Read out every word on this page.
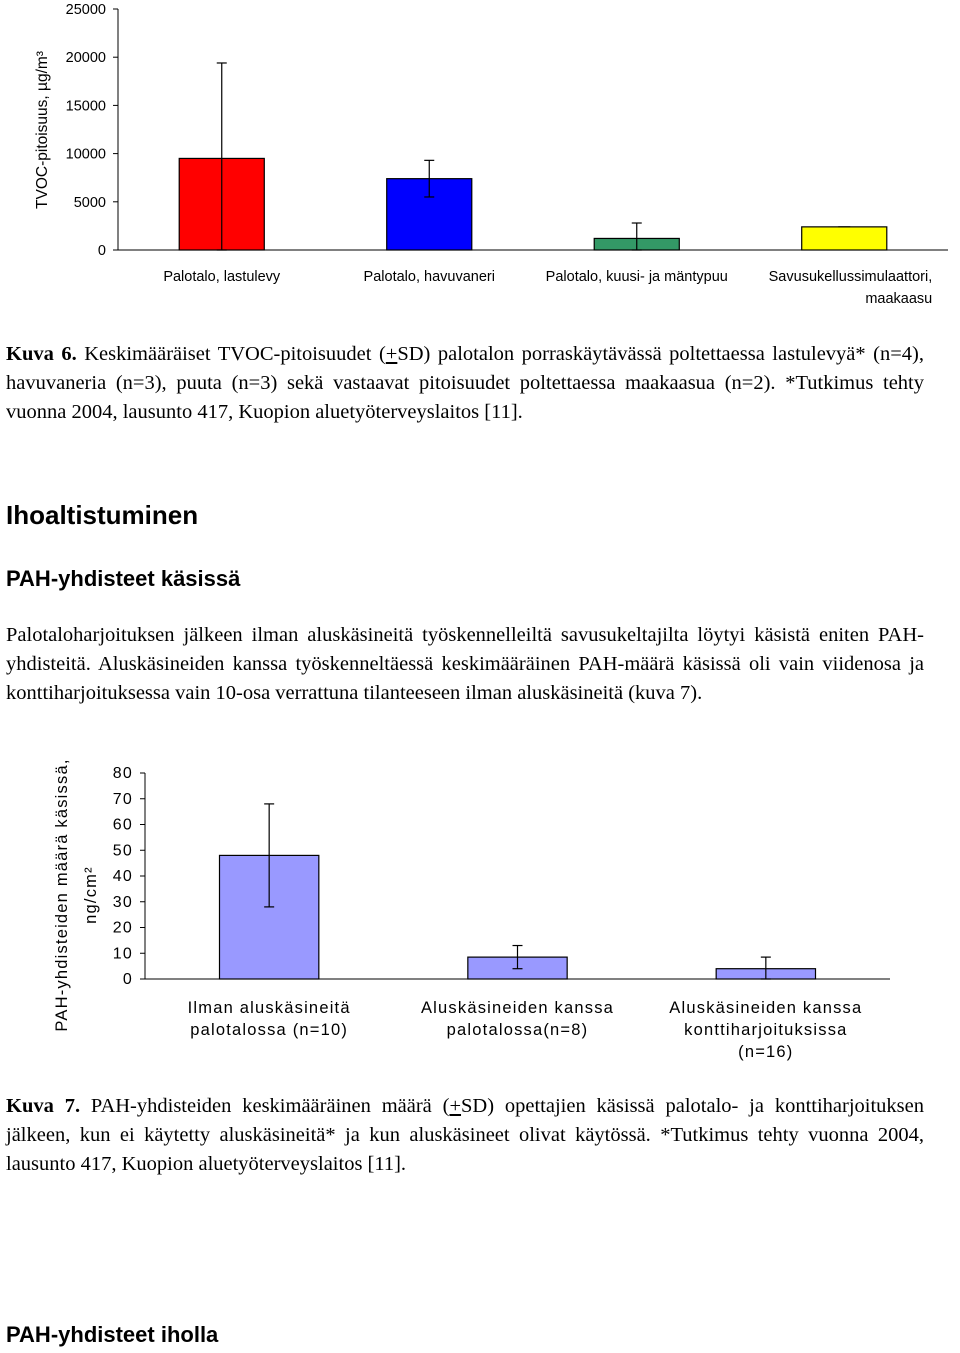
25000
20000
15000
10000
5000
0
TVOC-pitoisuus, µg/m³
Palotalo, lastulevy	Palotalo, havuvaneri	Palotalo, kuusi- ja mäntypuu	Savusukellussimulaattori,
maakaasu
Kuva 6. Keskimääräiset TVOC-pitoisuudet (+SD) palotalon porraskäytävässä poltettaessa lastulevyä* (n=4), havuvaneria (n=3), puuta (n=3) sekä vastaavat pitoisuudet poltettaessa maakaasua (n=2). *Tutkimus tehty vuonna 2004, lausunto 417, Kuopion aluetyöterveyslaitos [11].
Ihoaltistuminen
PAH-yhdisteet käsissä
Palotaloharjoituksen jälkeen ilman aluskäsineitä työskennelleiltä savusukeltajilta löytyi käsistä eniten PAH- yhdisteitä. Aluskäsineiden kanssa työskenneltäessä keskimääräinen PAH-määrä käsissä oli vain viidenosa ja konttiharjoituksessa vain 10-osa verrattuna tilanteeseen ilman aluskäsineitä (kuva 7).
80
70
60
50
40
30
20
10
0
PAH-yhdisteiden määrä käsissä, ng/cm²
Ilman aluskäsineitä
palotalossa (n=10)
Aluskäsineiden kanssa
palotalossa(n=8)
Aluskäsineiden kanssa
konttiharjoituksissa
(n=16)
Kuva 7. PAH-yhdisteiden keskimääräinen määrä (+SD) opettajien käsissä palotalo- ja konttiharjoituksen jälkeen, kun ei käytetty aluskäsineitä* ja kun aluskäsineet olivat käytössä. *Tutkimus tehty vuonna 2004, lausunto 417, Kuopion aluetyöterveyslaitos [11].
PAH-yhdisteet iholla
